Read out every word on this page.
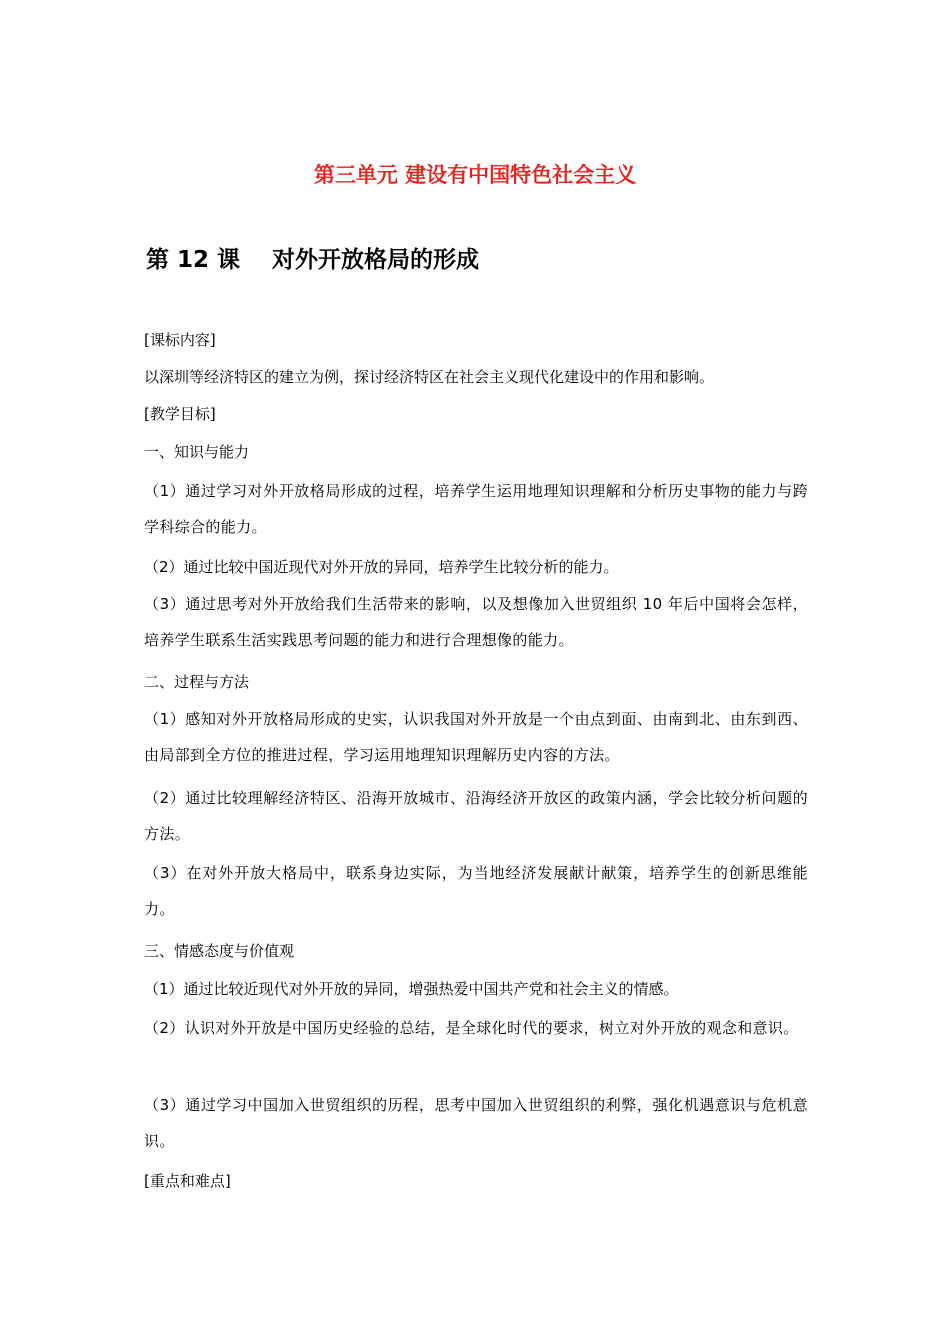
第三单元 建设有中国特色社会主义
第 12 课 对外开放格局的形成
[课标内容]
以深圳等经济特区的建立为例，探讨经济特区在社会主义现代化建设中的作用和影响。
[教学目标]
一、知识与能力
（1）通过学习对外开放格局形成的过程，培养学生运用地理知识理解和分析历史事物的能力与跨学科综合的能力。
（2）通过比较中国近现代对外开放的异同，培养学生比较分析的能力。
（3）通过思考对外开放给我们生活带来的影响，以及想像加入世贸组织 10 年后中国将会怎样，培养学生联系生活实践思考问题的能力和进行合理想像的能力。
二、过程与方法
（1）感知对外开放格局形成的史实，认识我国对外开放是一个由点到面、由南到北、由东到西、由局部到全方位的推进过程，学习运用地理知识理解历史内容的方法。
（2）通过比较理解经济特区、沿海开放城市、沿海经济开放区的政策内涵，学会比较分析问题的方法。
（3）在对外开放大格局中，联系身边实际，为当地经济发展献计献策，培养学生的创新思维能力。
三、情感态度与价值观
（1）通过比较近现代对外开放的异同，增强热爱中国共产党和社会主义的情感。
（2）认识对外开放是中国历史经验的总结，是全球化时代的要求，树立对外开放的观念和意识。
（3）通过学习中国加入世贸组织的历程，思考中国加入世贸组织的利弊，强化机遇意识与危机意识。
[重点和难点]
